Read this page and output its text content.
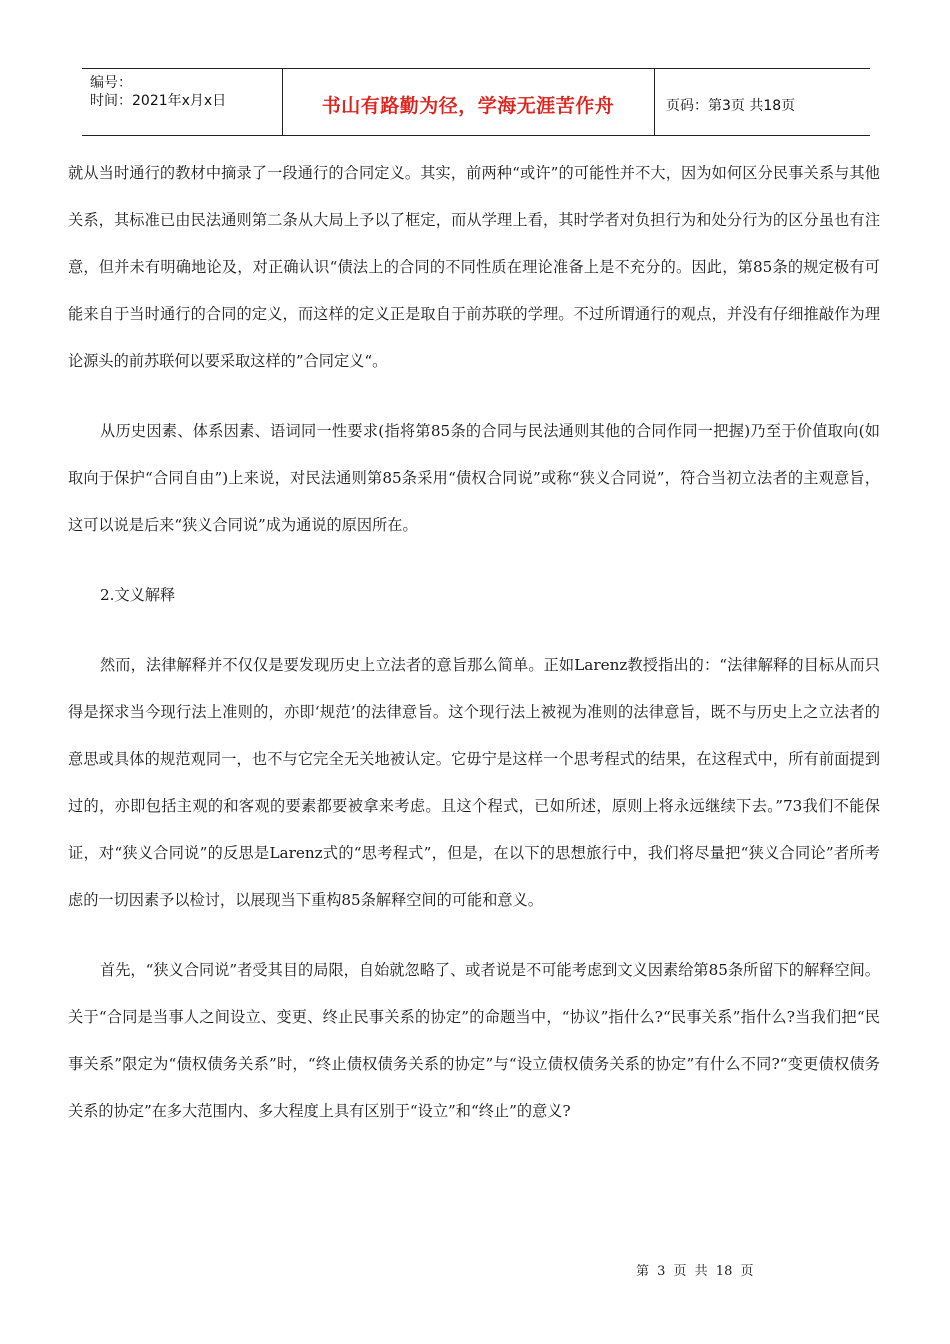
编号：
时间：2021年x月x日	书山有路勤为径，学海无涯苦作舟	页码：第3页 共18页

就从当时通行的教材中摘录了一段通行的合同定义。其实，前两种“或许”的可能性并不大，因为如何区分民事关系与其他关系，其标准已由民法通则第二条从大局上予以了框定，而从学理上看，其时学者对负担行为和处分行为的区分虽也有注意，但并未有明确地论及，对正确认识“债法上的合同的不同性质在理论准备上是不充分的。因此，第85条的规定极有可能来自于当时通行的合同的定义，而这样的定义正是取自于前苏联的学理。不过所谓通行的观点，并没有仔细推敲作为理论源头的前苏联何以要采取这样的”合同定义“。

从历史因素、体系因素、语词同一性要求(指将第85条的合同与民法通则其他的合同作同一把握)乃至于价值取向(如取向于保护“合同自由”)上来说，对民法通则第85条采用“债权合同说”或称“狭义合同说”，符合当初立法者的主观意旨，这可以说是后来“狭义合同说”成为通说的原因所在。

2.文义解释

然而，法律解释并不仅仅是要发现历史上立法者的意旨那么简单。正如Larenz教授指出的：“法律解释的目标从而只得是探求当今现行法上准则的，亦即‘规范’的法律意旨。这个现行法上被视为准则的法律意旨，既不与历史上之立法者的意思或具体的规范观同一，也不与它完全无关地被认定。它毋宁是这样一个思考程式的结果，在这程式中，所有前面提到过的，亦即包括主观的和客观的要素都要被拿来考虑。且这个程式，已如所述，原则上将永远继续下去。”73我们不能保证，对“狭义合同说”的反思是Larenz式的“思考程式”，但是，在以下的思想旅行中，我们将尽量把“狭义合同论”者所考虑的一切因素予以检讨，以展现当下重构85条解释空间的可能和意义。

首先，“狭义合同说”者受其目的局限，自始就忽略了、或者说是不可能考虑到文义因素给第85条所留下的解释空间。关于“合同是当事人之间设立、变更、终止民事关系的协定”的命题当中，“协议”指什么?“民事关系”指什么?当我们把“民事关系”限定为“债权债务关系”时，“终止债权债务关系的协定”与“设立债权债务关系的协定”有什么不同?“变更债权债务关系的协定”在多大范围内、多大程度上具有区别于“设立”和“终止”的意义?

第 3 页 共 18 页
